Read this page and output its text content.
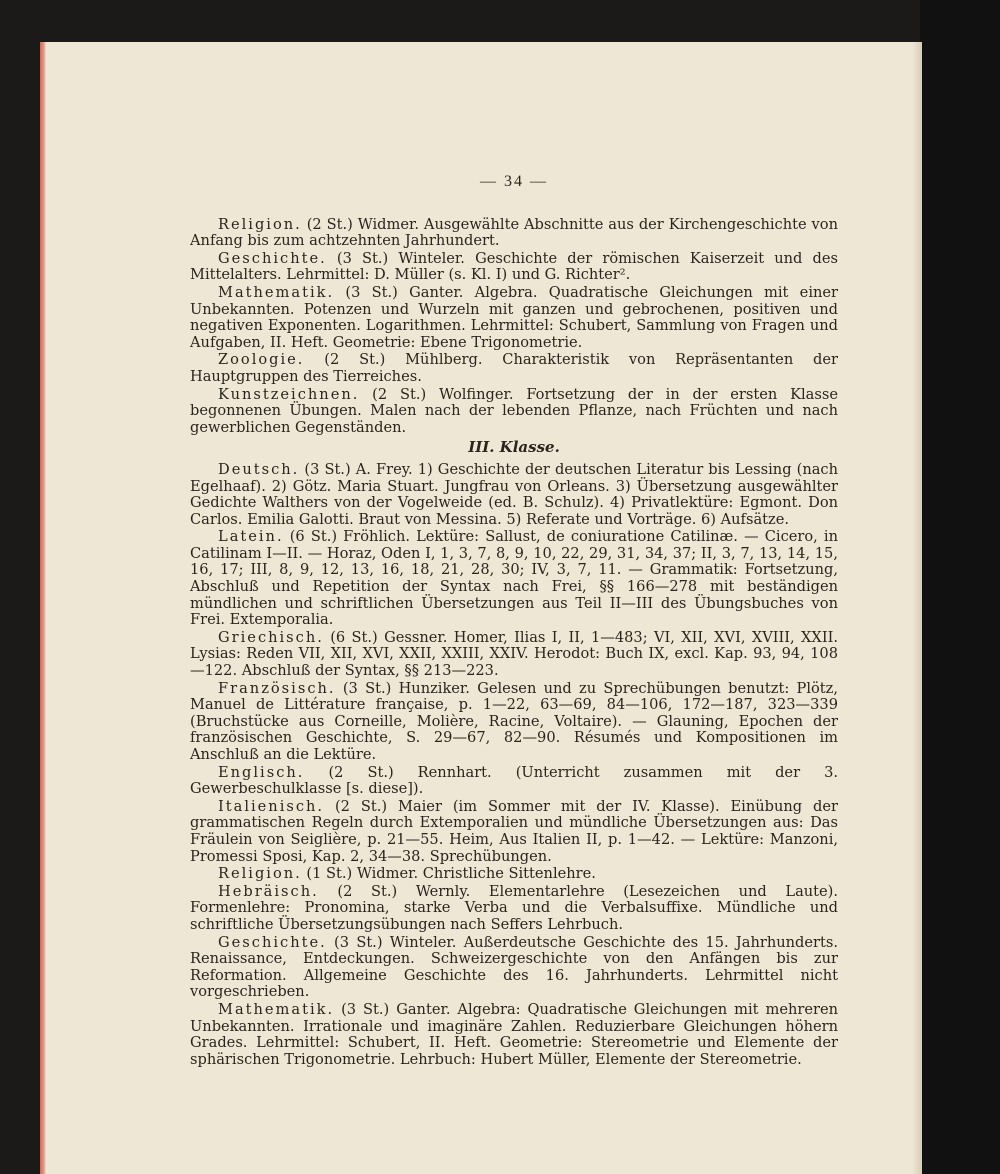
— 34 —

Religion. (2 St.) Widmer. Ausgewählte Abschnitte aus der Kirchengeschichte von Anfang bis zum achtzehnten Jahrhundert.

Geschichte. (3 St.) Winteler. Geschichte der römischen Kaiserzeit und des Mittelalters. Lehrmittel: D. Müller (s. Kl. I) und G. Richter².

Mathematik. (3 St.) Ganter. Algebra. Quadratische Gleichungen mit einer Unbekannten. Potenzen und Wurzeln mit ganzen und gebrochenen, positiven und negativen Exponenten. Logarithmen. Lehrmittel: Schubert, Sammlung von Fragen und Aufgaben, II. Heft. Geometrie: Ebene Trigonometrie.

Zoologie. (2 St.) Mühlberg. Charakteristik von Repräsentanten der Hauptgruppen des Tierreiches.

Kunstzeichnen. (2 St.) Wolfinger. Fortsetzung der in der ersten Klasse begonnenen Übungen. Malen nach der lebenden Pflanze, nach Früchten und nach gewerblichen Gegenständen.

III. Klasse.

Deutsch. (3 St.) A. Frey. 1) Geschichte der deutschen Literatur bis Lessing (nach Egelhaaf). 2) Götz. Maria Stuart. Jungfrau von Orleans. 3) Übersetzung ausgewählter Gedichte Walthers von der Vogelweide (ed. B. Schulz). 4) Privatlektüre: Egmont. Don Carlos. Emilia Galotti. Braut von Messina. 5) Referate und Vorträge. 6) Aufsätze.

Latein. (6 St.) Fröhlich. Lektüre: Sallust, de coniuratione Catilinæ. — Cicero, in Catilinam I—II. — Horaz, Oden I, 1, 3, 7, 8, 9, 10, 22, 29, 31, 34, 37; II, 3, 7, 13, 14, 15, 16, 17; III, 8, 9, 12, 13, 16, 18, 21, 28, 30; IV, 3, 7, 11. — Grammatik: Fortsetzung, Abschluß und Repetition der Syntax nach Frei, §§ 166—278 mit beständigen mündlichen und schriftlichen Übersetzungen aus Teil II—III des Übungsbuches von Frei. Extemporalia.

Griechisch. (6 St.) Gessner. Homer, Ilias I, II, 1—483; VI, XII, XVI, XVIII, XXII. Lysias: Reden VII, XII, XVI, XXII, XXIII, XXIV. Herodot: Buch IX, excl. Kap. 93, 94, 108—122. Abschluß der Syntax, §§ 213—223.

Französisch. (3 St.) Hunziker. Gelesen und zu Sprechübungen benutzt: Plötz, Manuel de Littérature française, p. 1—22, 63—69, 84—106, 172—187, 323—339 (Bruchstücke aus Corneille, Molière, Racine, Voltaire). — Glauning, Epochen der französischen Geschichte, S. 29—67, 82—90. Résumés und Kompositionen im Anschluß an die Lektüre.

Englisch. (2 St.) Rennhart. (Unterricht zusammen mit der 3. Gewerbeschulklasse [s. diese]).

Italienisch. (2 St.) Maier (im Sommer mit der IV. Klasse). Einübung der grammatischen Regeln durch Extemporalien und mündliche Übersetzungen aus: Das Fräulein von Seiglière, p. 21—55. Heim, Aus Italien II, p. 1—42. — Lektüre: Manzoni, Promessi Sposi, Kap. 2, 34—38. Sprechübungen.

Religion. (1 St.) Widmer. Christliche Sittenlehre.

Hebräisch. (2 St.) Wernly. Elementarlehre (Lesezeichen und Laute). Formenlehre: Pronomina, starke Verba und die Verbalsuffixe. Mündliche und schriftliche Übersetzungsübungen nach Seffers Lehrbuch.

Geschichte. (3 St.) Winteler. Außerdeutsche Geschichte des 15. Jahrhunderts. Renaissance, Entdeckungen. Schweizergeschichte von den Anfängen bis zur Reformation. Allgemeine Geschichte des 16. Jahrhunderts. Lehrmittel nicht vorgeschrieben.

Mathematik. (3 St.) Ganter. Algebra: Quadratische Gleichungen mit mehreren Unbekannten. Irrationale und imaginäre Zahlen. Reduzierbare Gleichungen höhern Grades. Lehrmittel: Schubert, II. Heft. Geometrie: Stereometrie und Elemente der sphärischen Trigonometrie. Lehrbuch: Hubert Müller, Elemente der Stereometrie.
